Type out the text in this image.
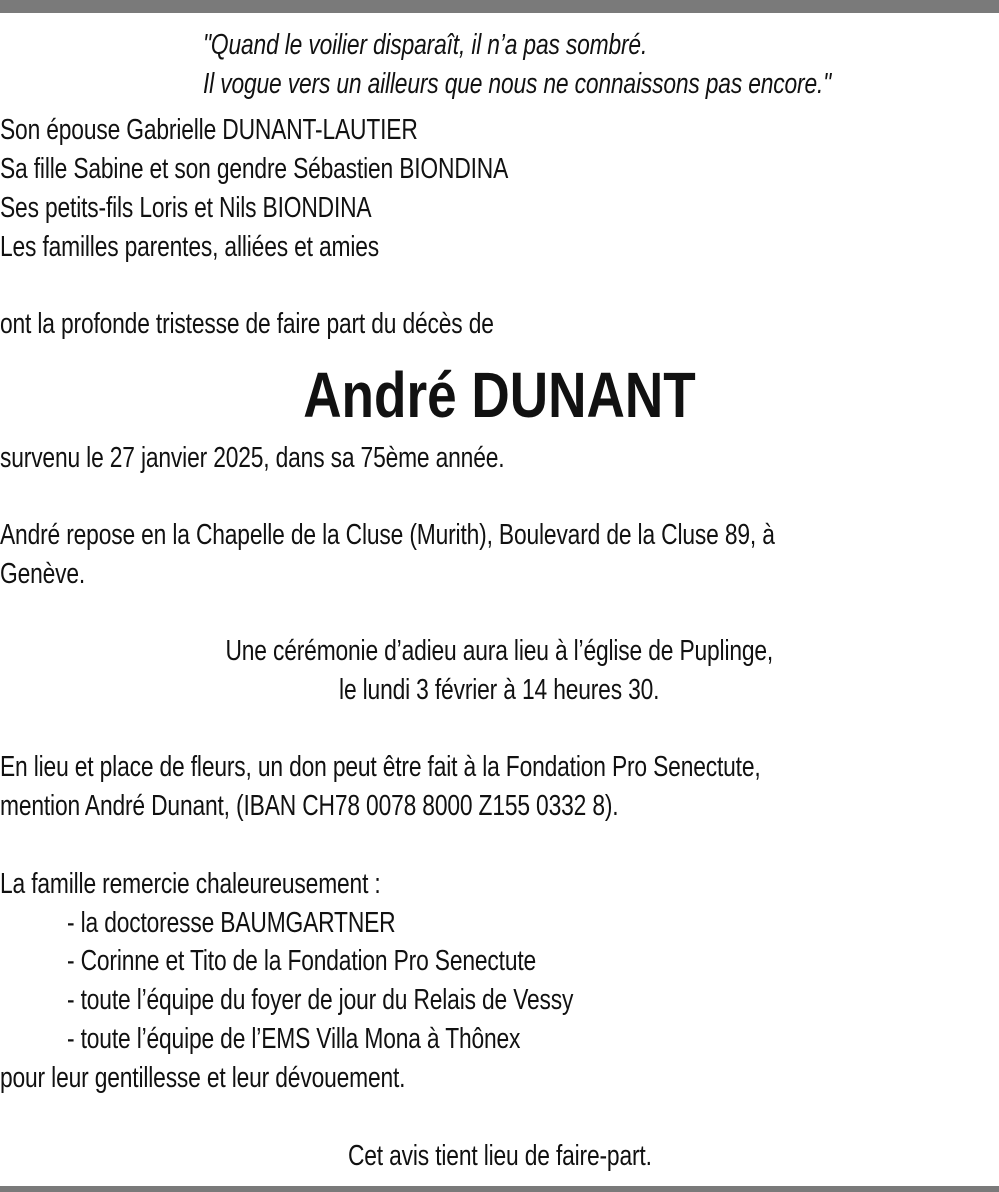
"Quand le voilier disparaît, il n’a pas sombré.
Il vogue vers un ailleurs que nous ne connaissons pas encore."
Son épouse Gabrielle DUNANT-LAUTIER
Sa fille Sabine et son gendre Sébastien BIONDINA
Ses petits-fils Loris et Nils BIONDINA
Les familles parentes, alliées et amies
ont la profonde tristesse de faire part du décès de
André DUNANT
survenu le 27 janvier 2025, dans sa 75ème année.
André repose en la Chapelle de la Cluse (Murith), Boulevard de la Cluse 89, à
Genève.
Une cérémonie d’adieu aura lieu à l’église de Puplinge,
le lundi 3 février à 14 heures 30.
En lieu et place de fleurs, un don peut être fait à la Fondation Pro Senectute,
mention André Dunant, (IBAN CH78 0078 8000 Z155 0332 8).
La famille remercie chaleureusement :
- la doctoresse BAUMGARTNER
- Corinne et Tito de la Fondation Pro Senectute
- toute l’équipe du foyer de jour du Relais de Vessy
- toute l’équipe de l’EMS Villa Mona à Thônex
pour leur gentillesse et leur dévouement.
Cet avis tient lieu de faire-part.
